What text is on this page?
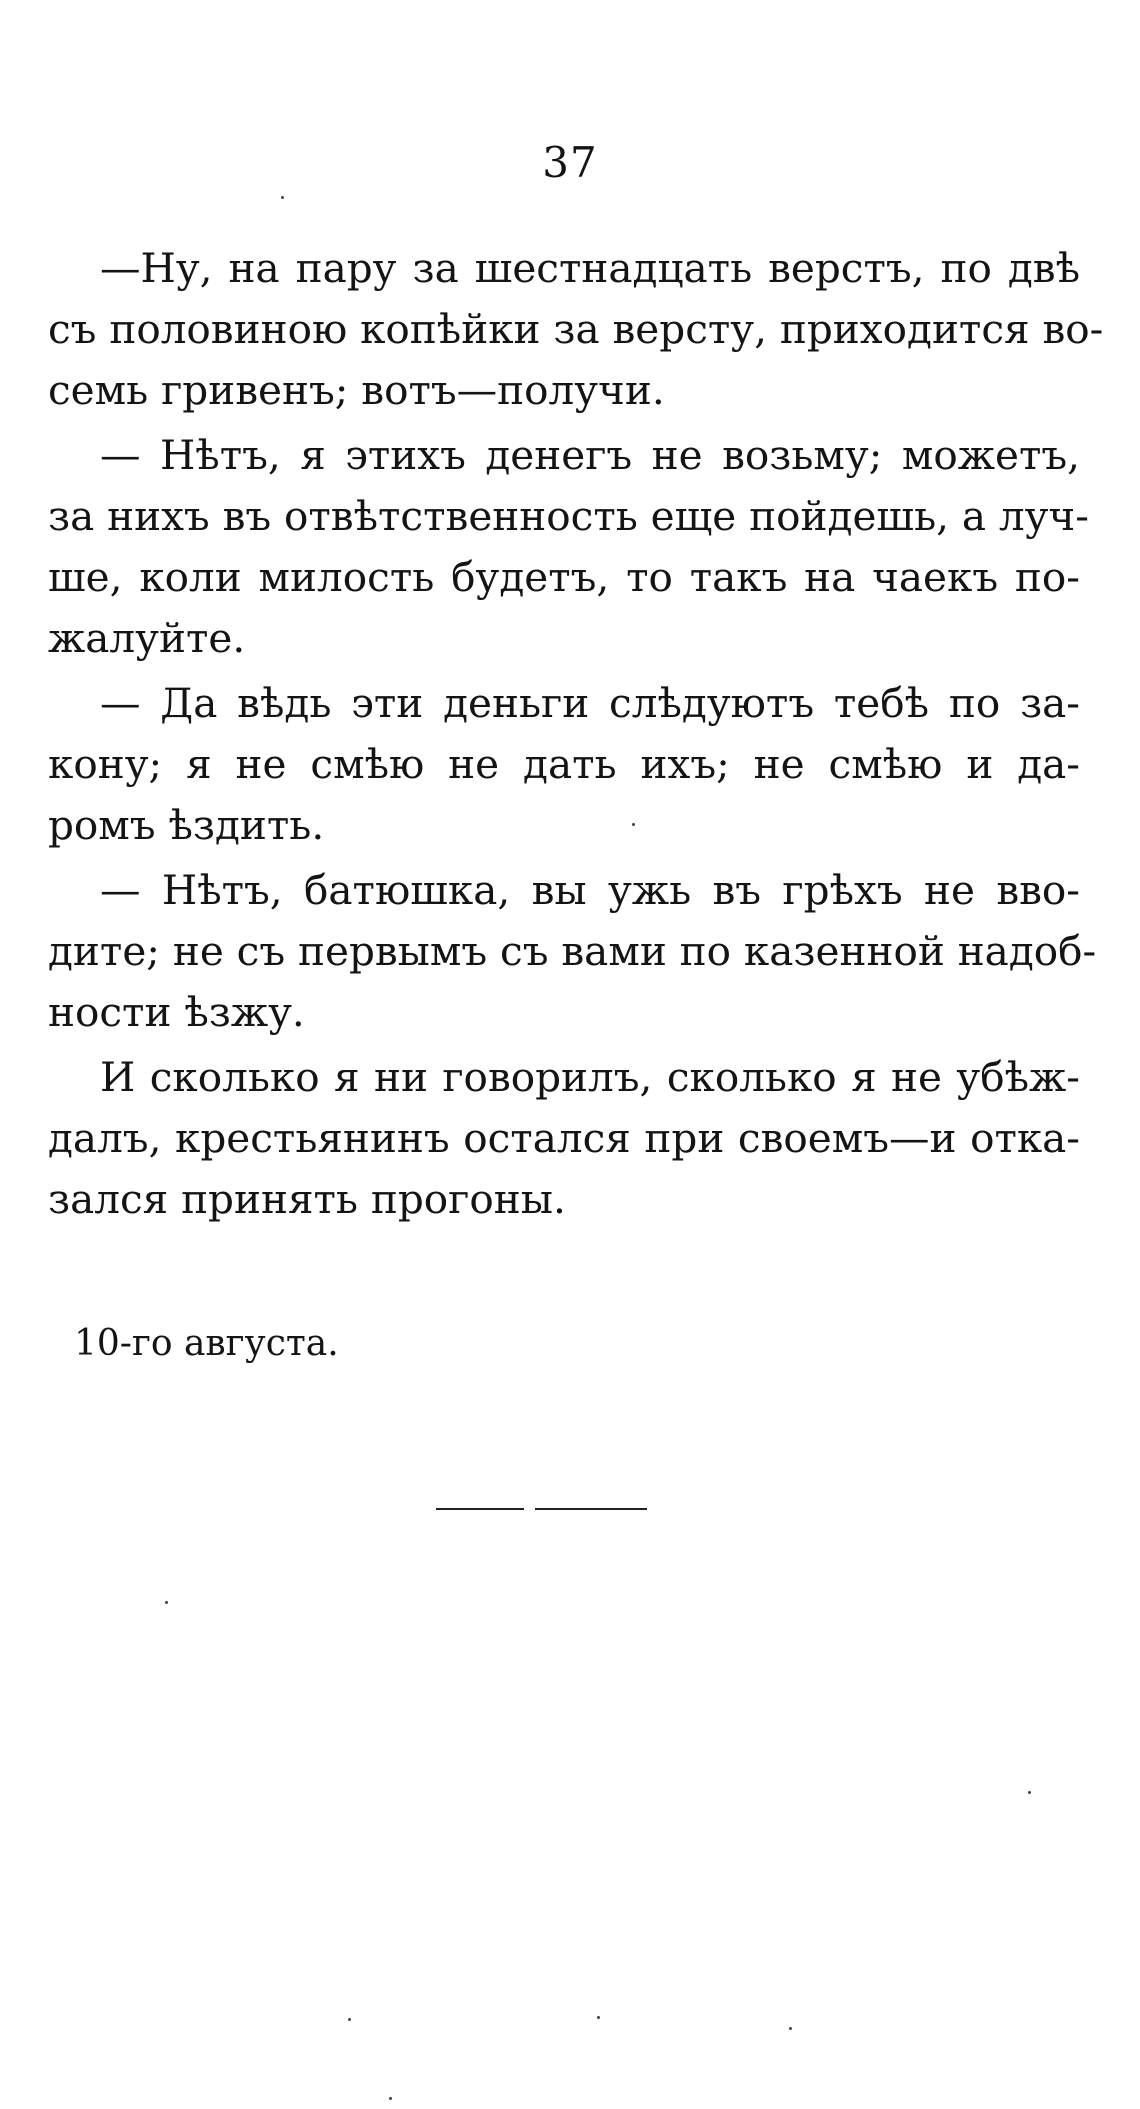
37

—Ну, на пару за шестнадцать верстъ, по двѣ
съ половиною копѣйки за версту, приходится во-
семь гривенъ; вотъ—получи.

— Нѣтъ, я этихъ денегъ не возьму; можетъ,
за нихъ въ отвѣтственность еще пойдешь, а луч-
ше, коли милость будетъ, то такъ на чаекъ по-
жалуйте.

— Да вѣдь эти деньги слѣдуютъ тебѣ по за-
кону; я не смѣю не дать ихъ; не смѣю и да-
ромъ ѣздить.

— Нѣтъ, батюшка, вы ужь въ грѣхъ не вво-
дите; не съ первымъ съ вами по казенной надоб-
ности ѣзжу.

И сколько я ни говорилъ, сколько я не убѣж-
далъ, крестьянинъ остался при своемъ—и отка-
зался принять прогоны.

10-го августа.
